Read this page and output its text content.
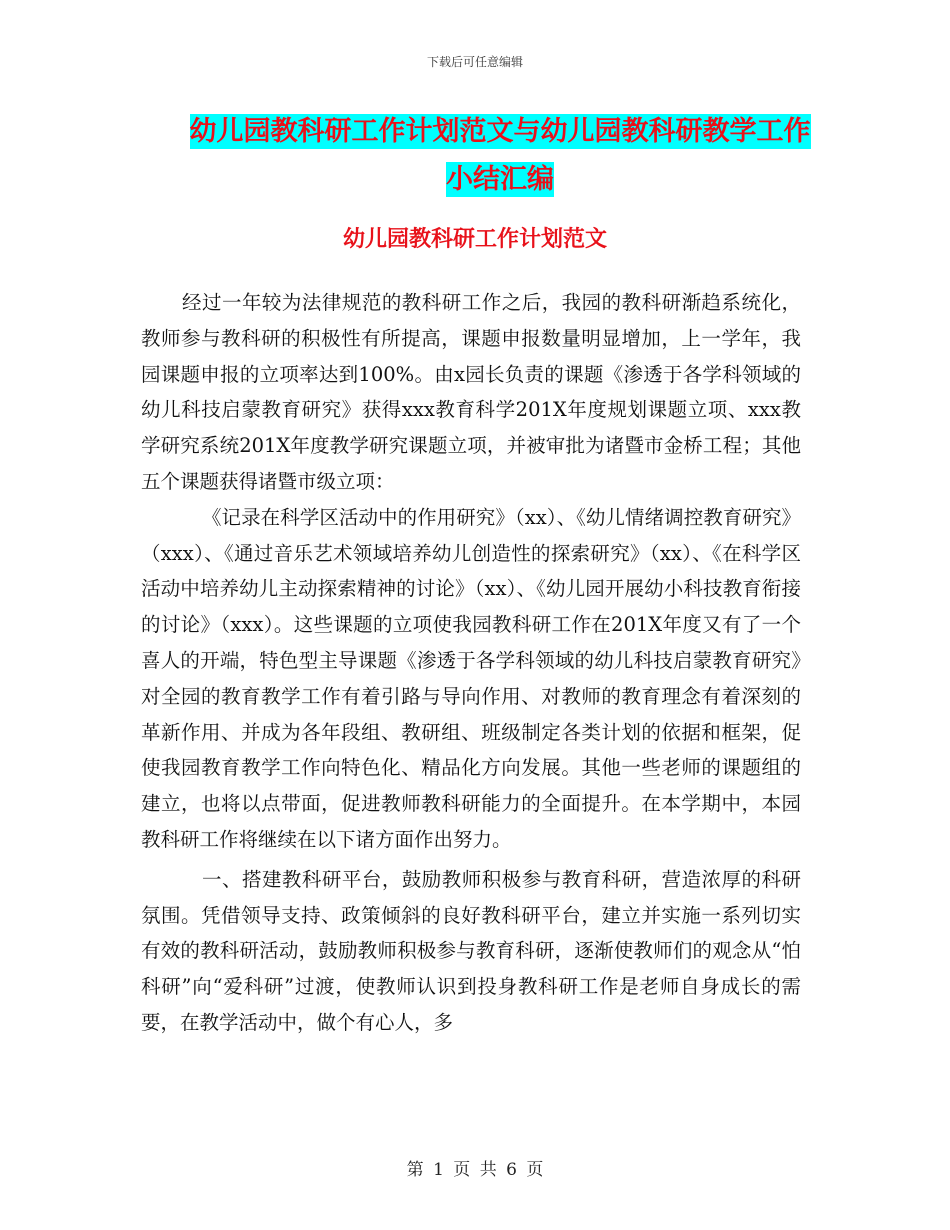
下载后可任意编辑
幼儿园教科研工作计划范文与幼儿园教科研教学工作
小结汇编
幼儿园教科研工作计划范文

经过一年较为法律规范的教科研工作之后，我园的教科研渐趋系统化，教师参与教科研的积极性有所提高，课题申报数量明显增加，上一学年，我园课题申报的立项率达到100%。由x园长负责的课题《渗透于各学科领域的幼儿科技启蒙教育研究》获得xxx教育科学201X年度规划课题立项、xxx教学研究系统201X年度教学研究课题立项，并被审批为诸暨市金桥工程；其他五个课题获得诸暨市级立项：

《记录在科学区活动中的作用研究》（xx）、《幼儿情绪调控教育研究》（xxx）、《通过音乐艺术领域培养幼儿创造性的探索研究》（xx）、《在科学区活动中培养幼儿主动探索精神的讨论》（xx）、《幼儿园开展幼小科技教育衔接的讨论》（xxx）。这些课题的立项使我园教科研工作在201X年度又有了一个喜人的开端，特色型主导课题《渗透于各学科领域的幼儿科技启蒙教育研究》对全园的教育教学工作有着引路与导向作用、对教师的教育理念有着深刻的革新作用、并成为各年段组、教研组、班级制定各类计划的依据和框架，促使我园教育教学工作向特色化、精品化方向发展。其他一些老师的课题组的建立，也将以点带面，促进教师教科研能力的全面提升。在本学期中，本园教科研工作将继续在以下诸方面作出努力。

一、搭建教科研平台，鼓励教师积极参与教育科研，营造浓厚的科研氛围。凭借领导支持、政策倾斜的良好教科研平台，建立并实施一系列切实有效的教科研活动，鼓励教师积极参与教育科研，逐渐使教师们的观念从“怕科研”向“爱科研”过渡，使教师认识到投身教科研工作是老师自身成长的需要，在教学活动中，做个有心人，多

第 1 页 共 6 页
